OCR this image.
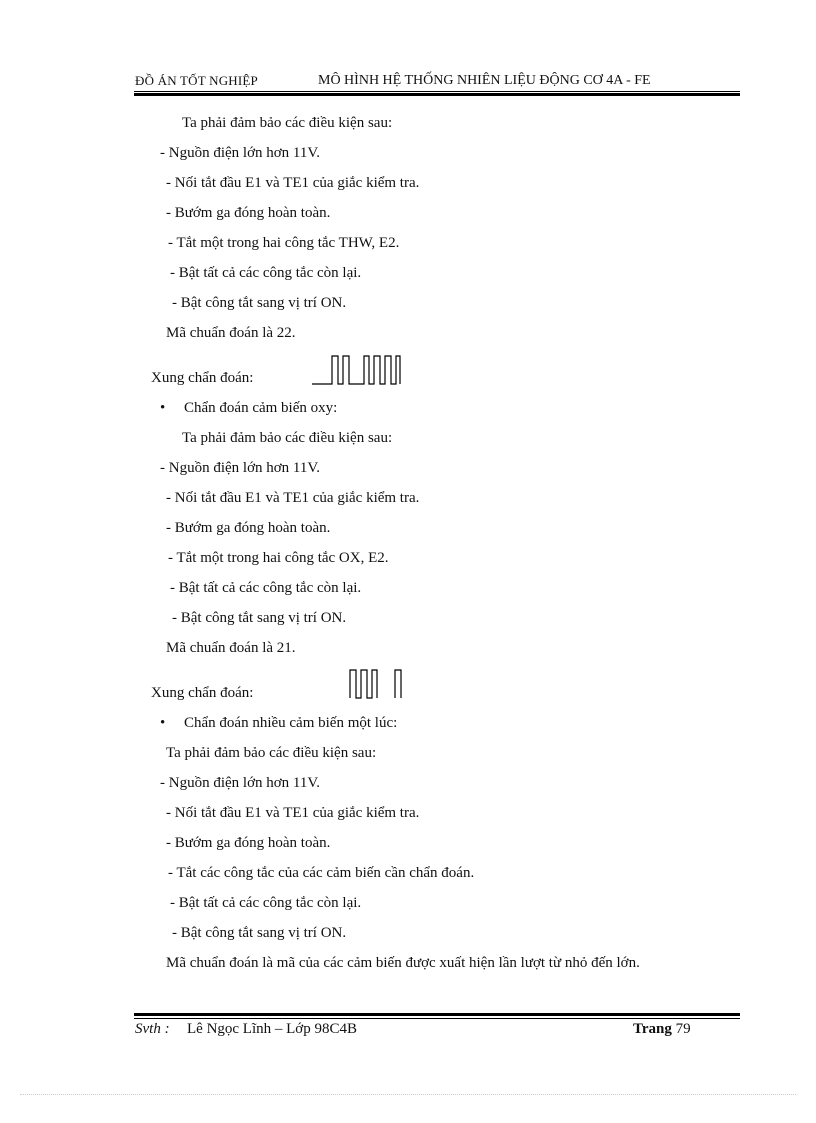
ĐỒ ÁN TỐT NGHIỆP	MÔ HÌNH HỆ THỐNG NHIÊN LIỆU ĐỘNG CƠ 4A - FE
Ta phải đảm bảo các điều kiện sau:
- Nguồn điện lớn hơn 11V.
- Nối tắt đầu E1 và TE1 của giắc kiểm tra.
- Bướm ga đóng hoàn toàn.
- Tắt một trong hai công tắc THW, E2.
- Bật tất cả các công tắc còn lại.
- Bật công tắt sang vị trí ON.
Mã chuẩn đoán là 22.
Xung chẩn đoán:
• Chẩn đoán cảm biến oxy:
Ta phải đảm bảo các điều kiện sau:
- Nguồn điện lớn hơn 11V.
- Nối tắt đầu E1 và TE1 của giắc kiểm tra.
- Bướm ga đóng hoàn toàn.
- Tắt một trong hai công tắc OX, E2.
- Bật tất cả các công tắc còn lại.
- Bật công tắt sang vị trí ON.
Mã chuẩn đoán là 21.
Xung chẩn đoán:
• Chẩn đoán nhiều cảm biến một lúc:
Ta phải đảm bảo các điều kiện sau:
- Nguồn điện lớn hơn 11V.
- Nối tắt đầu E1 và TE1 của giắc kiểm tra.
- Bướm ga đóng hoàn toàn.
- Tắt các công tắc của các cảm biến cần chẩn đoán.
- Bật tất cả các công tắc còn lại.
- Bật công tắt sang vị trí ON.
Mã chuẩn đoán là mã của các cảm biến được xuất hiện lần lượt từ nhỏ đến lớn.
Svth : Lê Ngọc Lĩnh – Lớp 98C4B	Trang 79
